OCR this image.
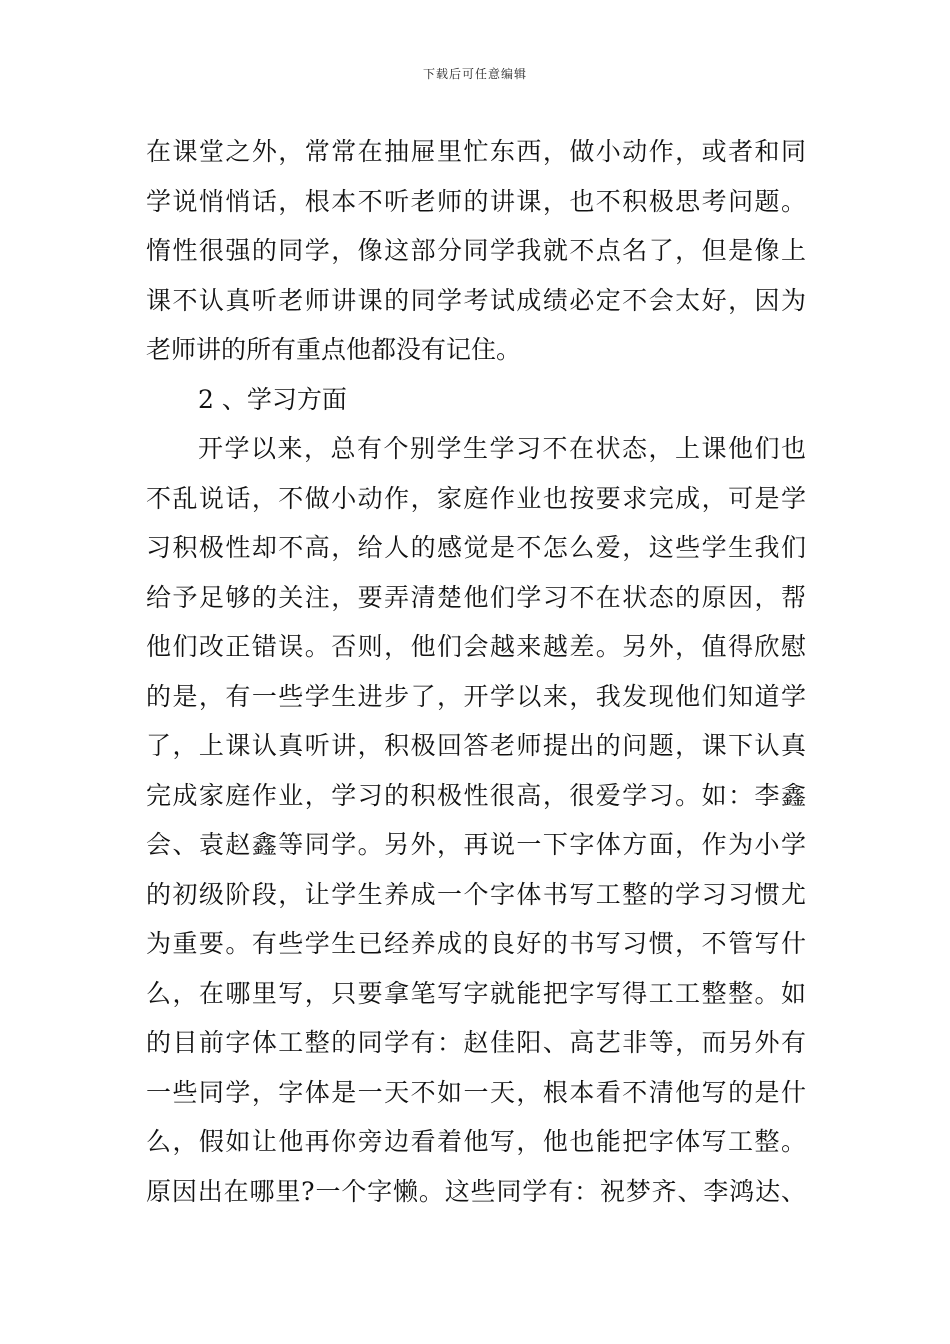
下载后可任意编辑
在课堂之外，常常在抽屉里忙东西，做小动作，或者和同
学说悄悄话，根本不听老师的讲课，也不积极思考问题。
惰性很强的同学，像这部分同学我就不点名了，但是像上
课不认真听老师讲课的同学考试成绩必定不会太好，因为
老师讲的所有重点他都没有记住。
2 、学习方面
开学以来，总有个别学生学习不在状态，上课他们也
不乱说话，不做小动作，家庭作业也按要求完成，可是学
习积极性却不高，给人的感觉是不怎么爱，这些学生我们
给予足够的关注，要弄清楚他们学习不在状态的原因，帮
他们改正错误。否则，他们会越来越差。另外，值得欣慰
的是，有一些学生进步了，开学以来，我发现他们知道学
了，上课认真听讲，积极回答老师提出的问题，课下认真
完成家庭作业，学习的积极性很高，很爱学习。如：李鑫
会、袁赵鑫等同学。另外，再说一下字体方面，作为小学
的初级阶段，让学生养成一个字体书写工整的学习习惯尤
为重要。有些学生已经养成的良好的书写习惯，不管写什
么，在哪里写，只要拿笔写字就能把字写得工工整整。如
的目前字体工整的同学有：赵佳阳、高艺非等，而另外有
一些同学，字体是一天不如一天，根本看不清他写的是什
么，假如让他再你旁边看着他写，他也能把字体写工整。
原因出在哪里?一个字懒。这些同学有：祝梦齐、李鸿达、
